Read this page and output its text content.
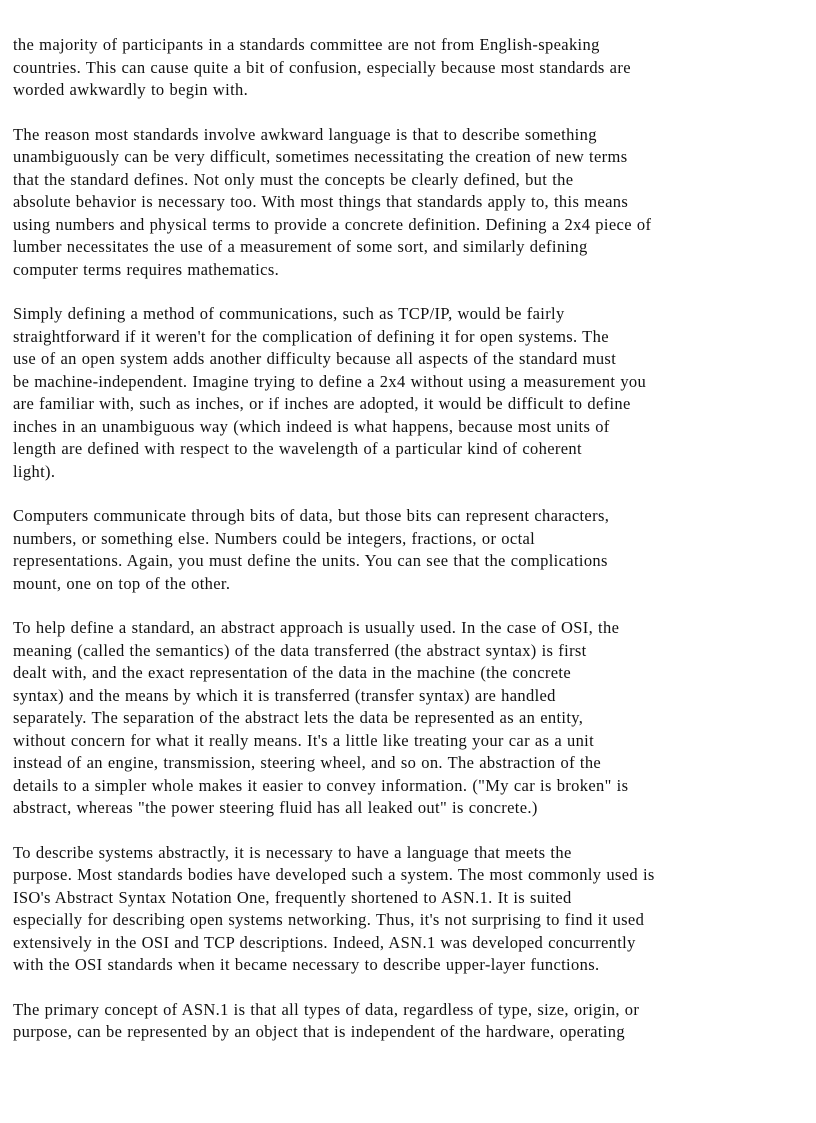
the majority of participants in a standards committee are not from English-speaking
countries. This can cause quite a bit of confusion, especially because most standards are
worded awkwardly to begin with.

The reason most standards involve awkward language is that to describe something
unambiguously can be very difficult, sometimes necessitating the creation of new terms
that the standard defines. Not only must the concepts be clearly defined, but the
absolute behavior is necessary too. With most things that standards apply to, this means
using numbers and physical terms to provide a concrete definition. Defining a 2x4 piece of
lumber necessitates the use of a measurement of some sort, and similarly defining
computer terms requires mathematics.

Simply defining a method of communications, such as TCP/IP, would be fairly
straightforward if it weren't for the complication of defining it for open systems. The
use of an open system adds another difficulty because all aspects of the standard must
be machine-independent. Imagine trying to define a 2x4 without using a measurement you
are familiar with, such as inches, or if inches are adopted, it would be difficult to define
inches in an unambiguous way (which indeed is what happens, because most units of
length are defined with respect to the wavelength of a particular kind of coherent
light).

Computers communicate through bits of data, but those bits can represent characters,
numbers, or something else. Numbers could be integers, fractions, or octal
representations. Again, you must define the units. You can see that the complications
mount, one on top of the other.

To help define a standard, an abstract approach is usually used. In the case of OSI, the
meaning (called the semantics) of the data transferred (the abstract syntax) is first
dealt with, and the exact representation of the data in the machine (the concrete
syntax) and the means by which it is transferred (transfer syntax) are handled
separately. The separation of the abstract lets the data be represented as an entity,
without concern for what it really means. It's a little like treating your car as a unit
instead of an engine, transmission, steering wheel, and so on. The abstraction of the
details to a simpler whole makes it easier to convey information. ("My car is broken" is
abstract, whereas "the power steering fluid has all leaked out" is concrete.)

To describe systems abstractly, it is necessary to have a language that meets the
purpose. Most standards bodies have developed such a system. The most commonly used is
ISO's Abstract Syntax Notation One, frequently shortened to ASN.1. It is suited
especially for describing open systems networking. Thus, it's not surprising to find it used
extensively in the OSI and TCP descriptions. Indeed, ASN.1 was developed concurrently
with the OSI standards when it became necessary to describe upper-layer functions.

The primary concept of ASN.1 is that all types of data, regardless of type, size, origin, or
purpose, can be represented by an object that is independent of the hardware, operating
